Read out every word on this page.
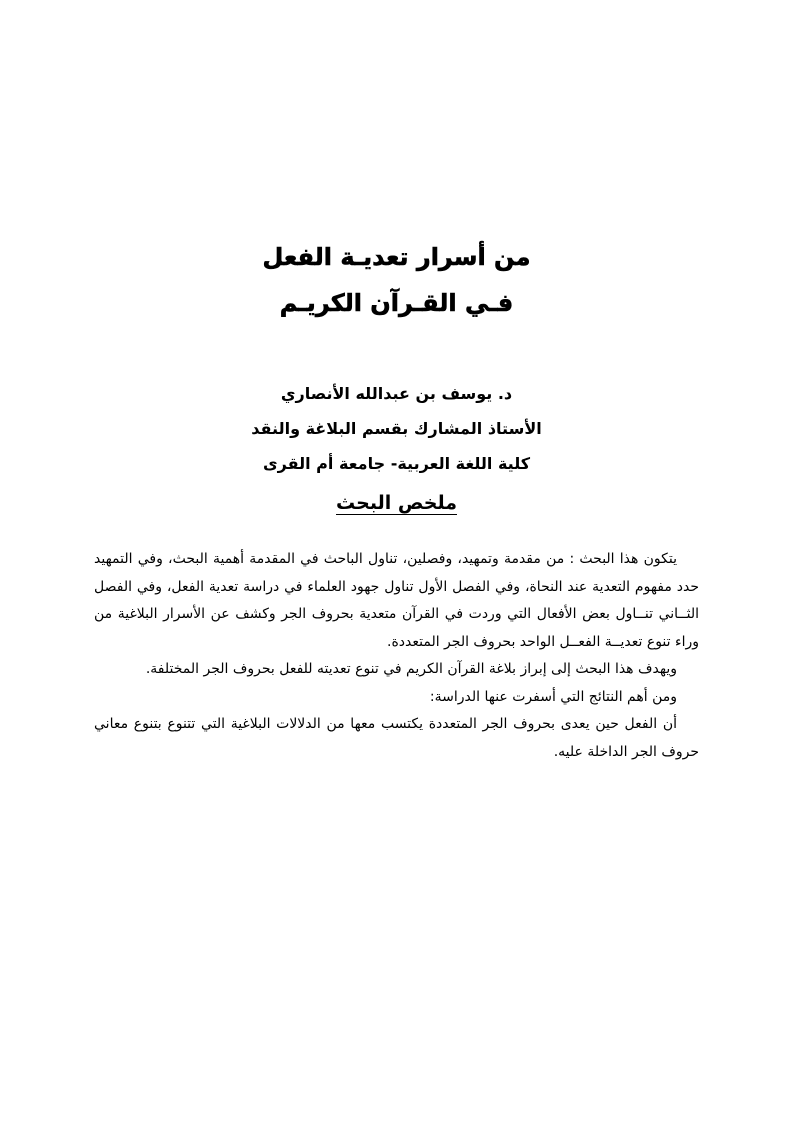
من أسرار تعديـة الفعل
فـي القـرآن الكريـم
د. يوسف بن عبدالله الأنصاري
الأستاذ المشارك بقسم البلاغة والنقد
كلية اللغة العربية- جامعة أم القرى
ملخص البحث

يتكون هذا البحث : من مقدمة وتمهيد، وفصلين، تناول الباحث في المقدمة أهمية البحث، وفي التمهيد حدد مفهوم التعدية عند النحاة، وفي الفصل الأول تناول جهود العلماء في دراسة تعدية الفعل، وفي الفصل الثــاني تنــاول بعض الأفعال التي وردت في القرآن متعدية بحروف الجر وكشف عن الأسرار البلاغية من وراء تنوع تعديــة الفعــل الواحد بحروف الجر المتعددة.

ويهدف هذا البحث إلى إبراز بلاغة القرآن الكريم في تنوع تعديته للفعل بحروف الجر المختلفة.

ومن أهم النتائج التي أسفرت عنها الدراسة:

أن الفعل حين يعدى بحروف الجر المتعددة يكتسب معها من الدلالات البلاغية التي تتنوع بتنوع معاني حروف الجر الداخلة عليه.
